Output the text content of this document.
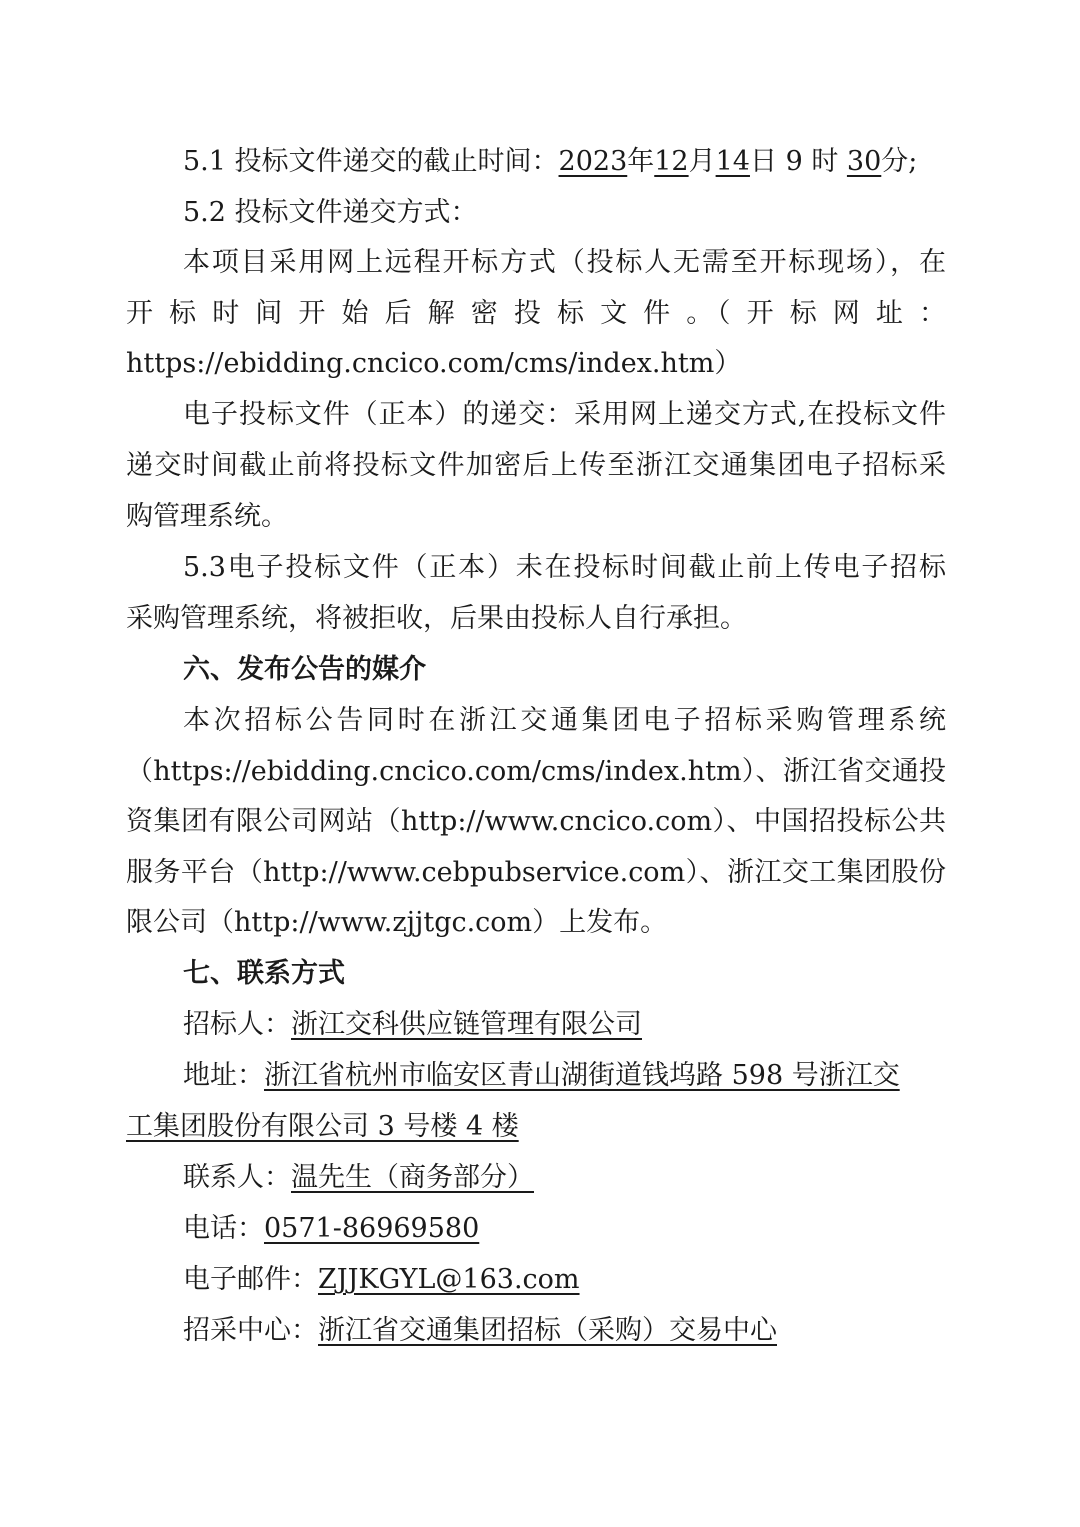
5.1 投标文件递交的截止时间：2023年12月14日 9 时 30分;
5.2 投标文件递交方式：
本项目采用网上远程开标方式（投标人无需至开标现场），在
开 标 时 间 开 始 后 解 密 投 标 文 件 。（ 开 标 网 址 ：
https://ebidding.cncico.com/cms/index.htm）
电子投标文件（正本）的递交：采用网上递交方式,在投标文件
递交时间截止前将投标文件加密后上传至浙江交通集团电子招标采
购管理系统。
5.3电子投标文件（正本）未在投标时间截止前上传电子招标
采购管理系统，将被拒收，后果由投标人自行承担。
六、发布公告的媒介
本次招标公告同时在浙江交通集团电子招标采购管理系统
（https://ebidding.cncico.com/cms/index.htm）、浙江省交通投
资集团有限公司网站（http://www.cncico.com）、中国招投标公共
服务平台（http://www.cebpubservice.com）、浙江交工集团股份
限公司（http://www.zjjtgc.com）上发布。
七、联系方式
招标人：浙江交科供应链管理有限公司
地址：浙江省杭州市临安区青山湖街道钱坞路 598 号浙江交
工集团股份有限公司 3 号楼 4 楼
联系人：温先生（商务部分）
电话：0571-86969580
电子邮件：ZJJKGYL@163.com
招采中心：浙江省交通集团招标（采购）交易中心
